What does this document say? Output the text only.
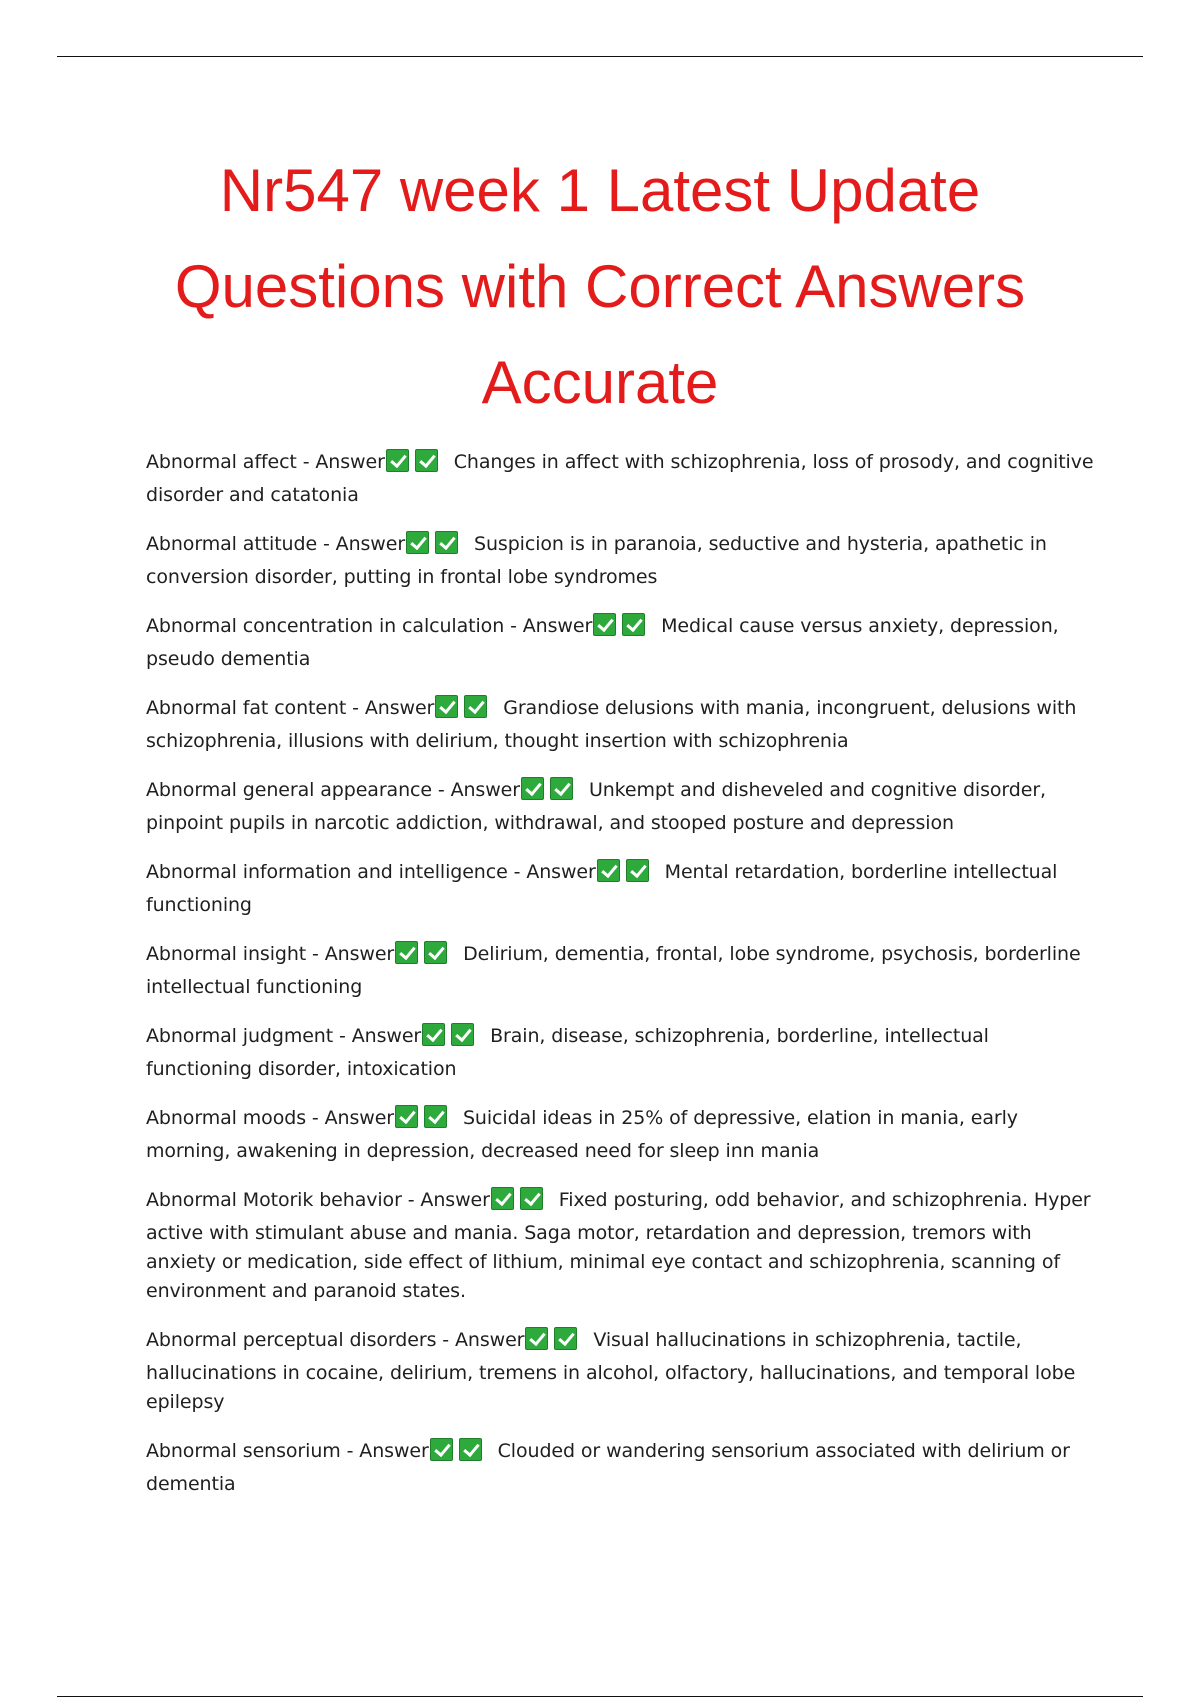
Nr547 week 1 Latest Update
Questions with Correct Answers
Accurate

Abnormal affect - Answer	Changes in affect with schizophrenia, loss of prosody, and cognitive disorder and catatonia

Abnormal attitude - Answer	Suspicion is in paranoia, seductive and hysteria, apathetic in conversion disorder, putting in frontal lobe syndromes

Abnormal concentration in calculation - Answer	Medical cause versus anxiety, depression, pseudo dementia

Abnormal fat content - Answer	Grandiose delusions with mania, incongruent, delusions with schizophrenia, illusions with delirium, thought insertion with schizophrenia

Abnormal general appearance - Answer	Unkempt and disheveled and cognitive disorder, pinpoint pupils in narcotic addiction, withdrawal, and stooped posture and depression

Abnormal information and intelligence - Answer	Mental retardation, borderline intellectual functioning

Abnormal insight - Answer	Delirium, dementia, frontal, lobe syndrome, psychosis, borderline intellectual functioning

Abnormal judgment - Answer	Brain, disease, schizophrenia, borderline, intellectual functioning disorder, intoxication

Abnormal moods - Answer	Suicidal ideas in 25% of depressive, elation in mania, early morning, awakening in depression, decreased need for sleep inn mania

Abnormal Motorik behavior - Answer	Fixed posturing, odd behavior, and schizophrenia. Hyper active with stimulant abuse and mania. Saga motor, retardation and depression, tremors with anxiety or medication, side effect of lithium, minimal eye contact and schizophrenia, scanning of environment and paranoid states.

Abnormal perceptual disorders - Answer	Visual hallucinations in schizophrenia, tactile, hallucinations in cocaine, delirium, tremens in alcohol, olfactory, hallucinations, and temporal lobe epilepsy

Abnormal sensorium - Answer	Clouded or wandering sensorium associated with delirium or dementia
